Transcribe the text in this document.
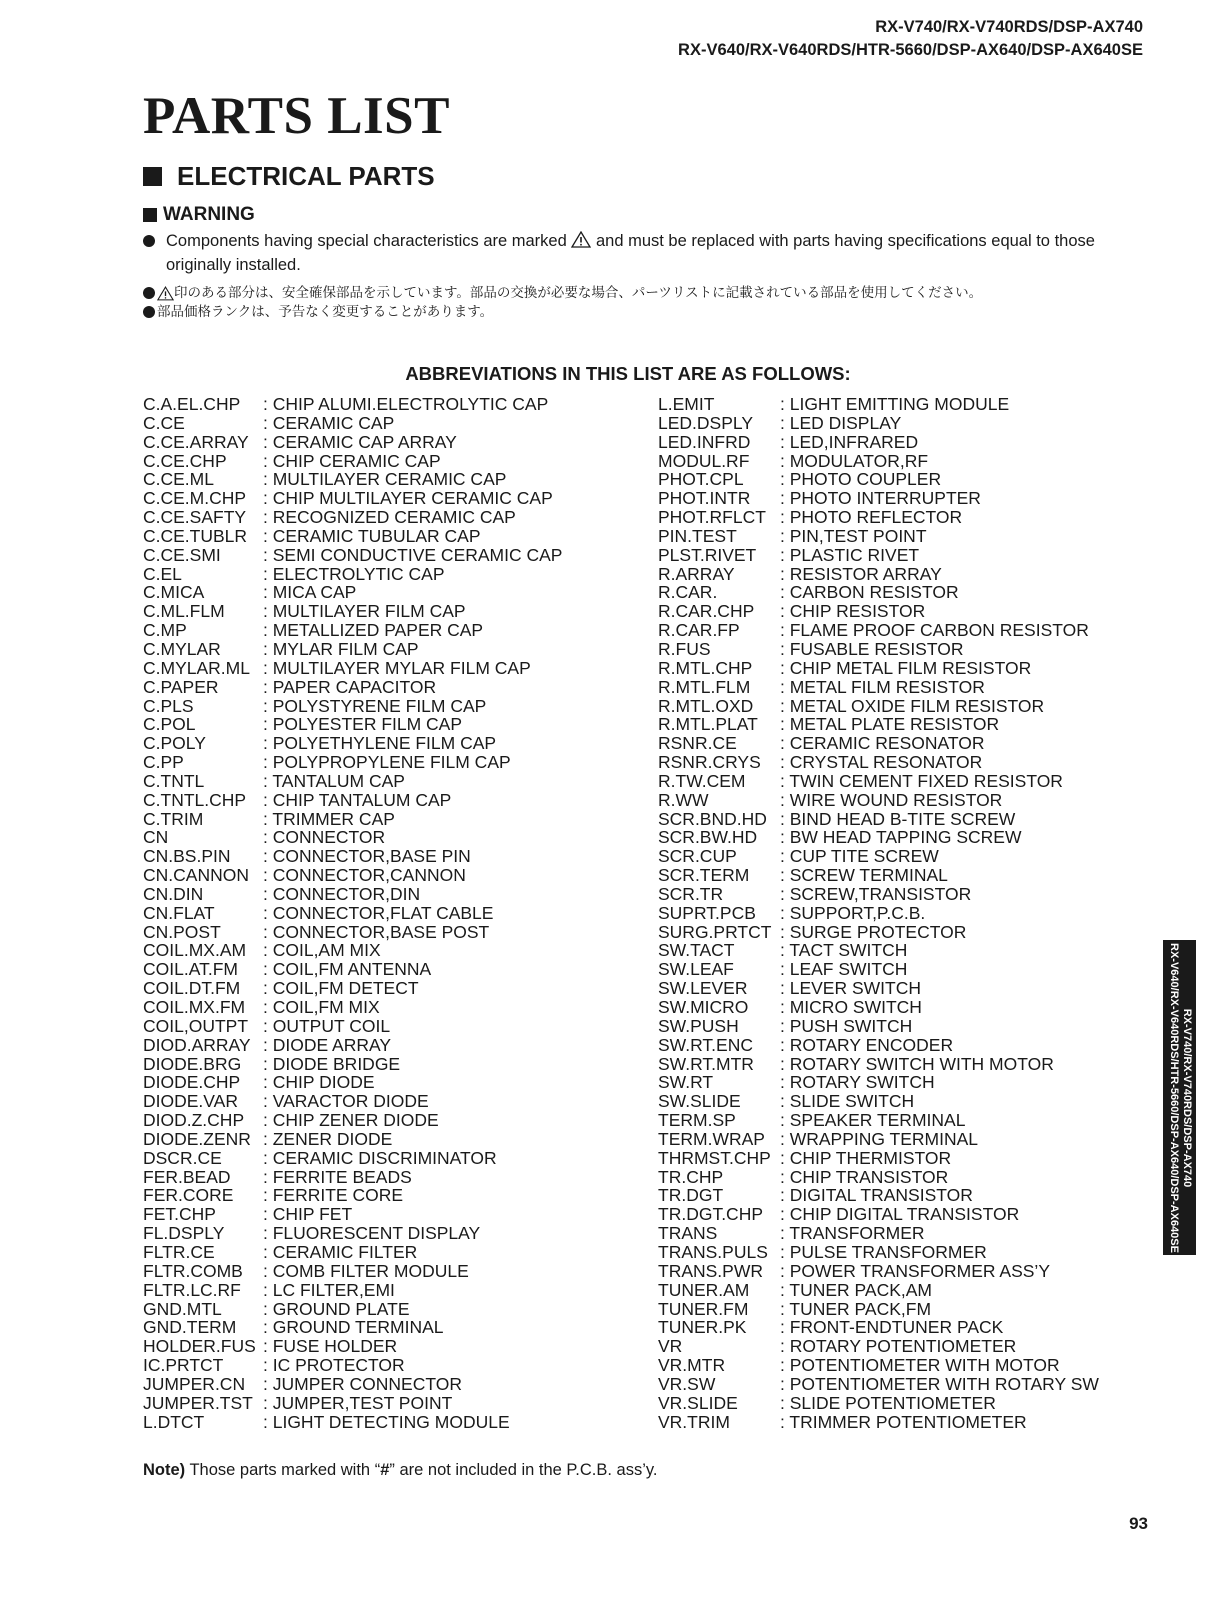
RX-V740/RX-V740RDS/DSP-AX740
RX-V640/RX-V640RDS/HTR-5660/DSP-AX640/DSP-AX640SE
PARTS LIST
ELECTRICAL PARTS
WARNING
Components having special characteristics are marked and must be replaced with parts having specifications equal to those originally installed.
印のある部分は、安全確保部品を示しています。部品の交換が必要な場合、パーツリストに記載されている部品を使用してください。
部品価格ランクは、予告なく変更することがあります。
ABBREVIATIONS IN THIS LIST ARE AS FOLLOWS:
C.A.EL.CHP	: CHIP ALUMI.ELECTROLYTIC CAP
C.CE	: CERAMIC CAP
C.CE.ARRAY : CERAMIC CAP ARRAY
C.CE.CHP	: CHIP CERAMIC CAP
C.CE.ML	: MULTILAYER CERAMIC CAP
C.CE.M.CHP : CHIP MULTILAYER CERAMIC CAP
C.CE.SAFTY : RECOGNIZED CERAMIC CAP
C.CE.TUBLR : CERAMIC TUBULAR CAP
C.CE.SMI	: SEMI CONDUCTIVE CERAMIC CAP
C.EL	: ELECTROLYTIC CAP
C.MICA	: MICA CAP
C.ML.FLM	: MULTILAYER FILM CAP
C.MP	: METALLIZED PAPER CAP
C.MYLAR	: MYLAR FILM CAP
C.MYLAR.ML : MULTILAYER MYLAR FILM CAP
C.PAPER	: PAPER CAPACITOR
C.PLS	: POLYSTYRENE FILM CAP
C.POL	: POLYESTER FILM CAP
C.POLY	: POLYETHYLENE FILM CAP
C.PP	: POLYPROPYLENE FILM CAP
C.TNTL	: TANTALUM CAP
C.TNTL.CHP : CHIP TANTALUM CAP
C.TRIM	: TRIMMER CAP
CN	: CONNECTOR
CN.BS.PIN	: CONNECTOR,BASE PIN
CN.CANNON : CONNECTOR,CANNON
CN.DIN	: CONNECTOR,DIN
CN.FLAT	: CONNECTOR,FLAT CABLE
CN.POST	: CONNECTOR,BASE POST
COIL.MX.AM : COIL,AM MIX
COIL.AT.FM	: COIL,FM ANTENNA
COIL.DT.FM	: COIL,FM DETECT
COIL.MX.FM	: COIL,FM MIX
COIL,OUTPT : OUTPUT COIL
DIOD.ARRAY : DIODE ARRAY
DIODE.BRG	: DIODE BRIDGE
DIODE.CHP	: CHIP DIODE
DIODE.VAR	: VARACTOR DIODE
DIOD.Z.CHP	: CHIP ZENER DIODE
DIODE.ZENR : ZENER DIODE
DSCR.CE	: CERAMIC DISCRIMINATOR
FER.BEAD	: FERRITE BEADS
FER.CORE	: FERRITE CORE
FET.CHP	: CHIP FET
FL.DSPLY	: FLUORESCENT DISPLAY
FLTR.CE	: CERAMIC FILTER
FLTR.COMB	: COMB FILTER MODULE
FLTR.LC.RF	: LC FILTER,EMI
GND.MTL	: GROUND PLATE
GND.TERM	: GROUND TERMINAL
HOLDER.FUS : FUSE HOLDER
IC.PRTCT	: IC PROTECTOR
JUMPER.CN	: JUMPER CONNECTOR
JUMPER.TST : JUMPER,TEST POINT
L.DTCT	: LIGHT DETECTING MODULE
L.EMIT	: LIGHT EMITTING MODULE
LED.DSPLY	: LED DISPLAY
LED.INFRD	: LED,INFRARED
MODUL.RF	: MODULATOR,RF
PHOT.CPL	: PHOTO COUPLER
PHOT.INTR	: PHOTO INTERRUPTER
PHOT.RFLCT : PHOTO REFLECTOR
PIN.TEST	: PIN,TEST POINT
PLST.RIVET	: PLASTIC RIVET
R.ARRAY	: RESISTOR ARRAY
R.CAR.	: CARBON RESISTOR
R.CAR.CHP	: CHIP RESISTOR
R.CAR.FP	: FLAME PROOF CARBON RESISTOR
R.FUS	: FUSABLE RESISTOR
R.MTL.CHP	: CHIP METAL FILM RESISTOR
R.MTL.FLM	: METAL FILM RESISTOR
R.MTL.OXD	: METAL OXIDE FILM RESISTOR
R.MTL.PLAT	: METAL PLATE RESISTOR
RSNR.CE	: CERAMIC RESONATOR
RSNR.CRYS	: CRYSTAL RESONATOR
R.TW.CEM	: TWIN CEMENT FIXED RESISTOR
R.WW	: WIRE WOUND RESISTOR
SCR.BND.HD : BIND HEAD B-TITE SCREW
SCR.BW.HD	: BW HEAD TAPPING SCREW
SCR.CUP	: CUP TITE SCREW
SCR.TERM	: SCREW TERMINAL
SCR.TR	: SCREW,TRANSISTOR
SUPRT.PCB	: SUPPORT,P.C.B.
SURG.PRTCT : SURGE PROTECTOR
SW.TACT	: TACT SWITCH
SW.LEAF	: LEAF SWITCH
SW.LEVER	: LEVER SWITCH
SW.MICRO	: MICRO SWITCH
SW.PUSH	: PUSH SWITCH
SW.RT.ENC	: ROTARY ENCODER
SW.RT.MTR	: ROTARY SWITCH WITH MOTOR
SW.RT	: ROTARY SWITCH
SW.SLIDE	: SLIDE SWITCH
TERM.SP	: SPEAKER TERMINAL
TERM.WRAP : WRAPPING TERMINAL
THRMST.CHP : CHIP THERMISTOR
TR.CHP	: CHIP TRANSISTOR
TR.DGT	: DIGITAL TRANSISTOR
TR.DGT.CHP : CHIP DIGITAL TRANSISTOR
TRANS	: TRANSFORMER
TRANS.PULS : PULSE TRANSFORMER
TRANS.PWR : POWER TRANSFORMER ASS’Y
TUNER.AM	: TUNER PACK,AM
TUNER.FM	: TUNER PACK,FM
TUNER.PK	: FRONT-ENDTUNER PACK
VR	: ROTARY POTENTIOMETER
VR.MTR	: POTENTIOMETER WITH MOTOR
VR.SW	: POTENTIOMETER WITH ROTARY SW
VR.SLIDE	: SLIDE POTENTIOMETER
VR.TRIM	: TRIMMER POTENTIOMETER
Note) Those parts marked with “#” are not included in the P.C.B. ass’y.
93
RX-V740/RX-V740RDS/DSP-AX740
RX-V640/RX-V640RDS/HTR-5660/DSP-AX640/DSP-AX640SE
